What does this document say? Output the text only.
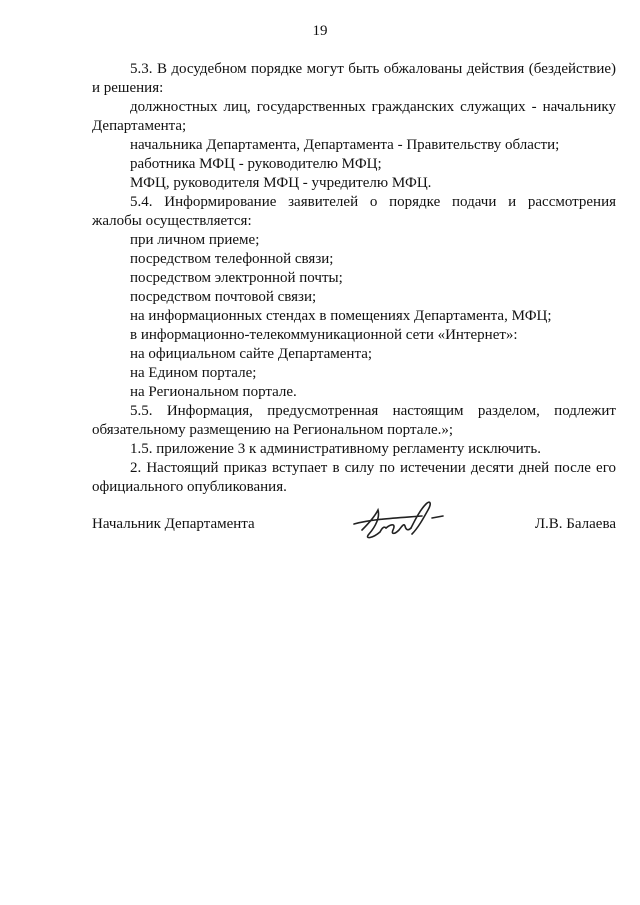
19
5.3. В досудебном порядке могут быть обжалованы действия (бездействие)
и решения:
должностных лиц, государственных гражданских служащих - начальнику
Департамента;
начальника Департамента, Департамента - Правительству области;
работника МФЦ - руководителю МФЦ;
МФЦ, руководителя МФЦ - учредителю МФЦ.
5.4. Информирование заявителей о порядке подачи и рассмотрения
жалобы осуществляется:
при личном приеме;
посредством телефонной связи;
посредством электронной почты;
посредством почтовой связи;
на информационных стендах в помещениях Департамента, МФЦ;
в информационно-телекоммуникационной сети «Интернет»:
на официальном сайте Департамента;
на Едином портале;
на Региональном портале.
5.5. Информация, предусмотренная настоящим разделом, подлежит
обязательному размещению на Региональном портале.»;
1.5. приложение 3 к административному регламенту исключить.
2. Настоящий приказ вступает в силу по истечении десяти дней после его
официального опубликования.
Начальник Департамента	Л.В. Балаева
